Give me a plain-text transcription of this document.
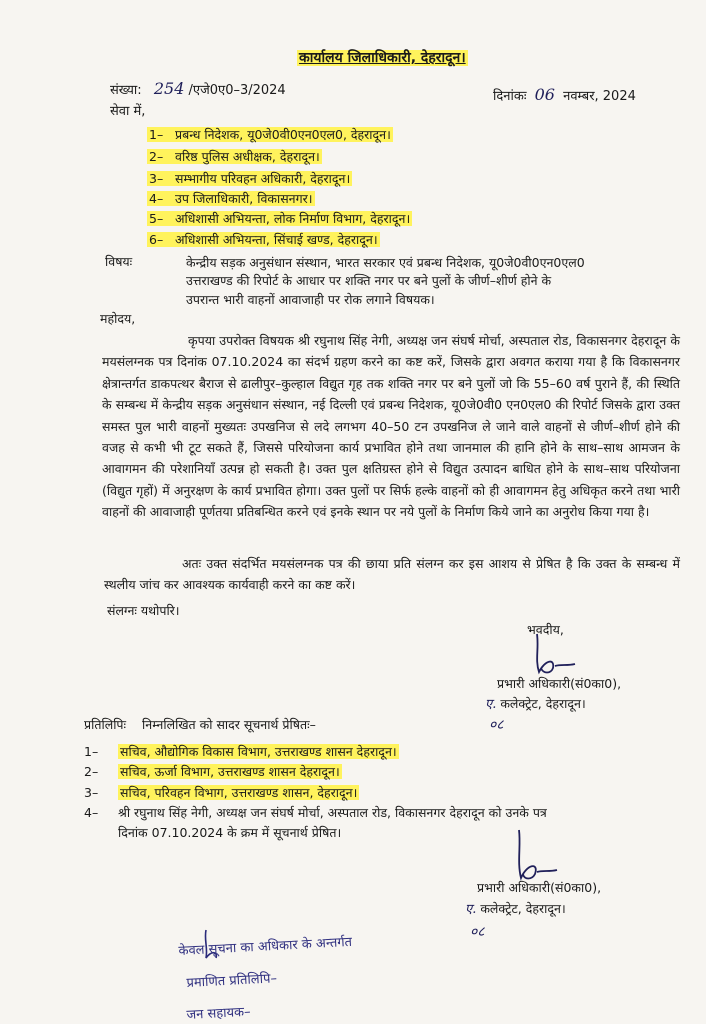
कार्यालय जिलाधिकारी, देहरादून।
संख्या: 254 /एजे0ए0–3/2024	दिनांकः 06 नवम्बर, 2024
सेवा में,
1– प्रबन्ध निदेशक, यू0जे0वी0एन0एल0, देहरादून।
2– वरिष्ठ पुलिस अधीक्षक, देहरादून।
3– सम्भागीय परिवहन अधिकारी, देहरादून।
4– उप जिलाधिकारी, विकासनगर।
5– अधिशासी अभियन्ता, लोक निर्माण विभाग, देहरादून।
6– अधिशासी अभियन्ता, सिंचाई खण्ड, देहरादून।
विषयः	केन्द्रीय सड़क अनुसंधान संस्थान, भारत सरकार एवं प्रबन्ध निदेशक, यू0जे0वी0एन0एल0
उत्तराखण्ड की रिपोर्ट के आधार पर शक्ति नगर पर बने पुलों के जीर्ण–शीर्ण होने के
उपरान्त भारी वाहनों आवाजाही पर रोक लगाने विषयक।
महोदय,
कृपया उपरोक्त विषयक श्री रघुनाथ सिंह नेगी, अध्यक्ष जन संघर्ष मोर्चा, अस्पताल रोड, विकासनगर देहरादून के मयसंलग्नक पत्र दिनांक 07.10.2024 का संदर्भ ग्रहण करने का कष्ट करें, जिसके द्वारा अवगत कराया गया है कि विकासनगर क्षेत्रान्तर्गत डाकपत्थर बैराज से ढालीपुर–कुल्हाल विद्युत गृह तक शक्ति नगर पर बने पुलों जो कि 55–60 वर्ष पुराने हैं, की स्थिति के सम्बन्ध में केन्द्रीय सड़क अनुसंधान संस्थान, नई दिल्ली एवं प्रबन्ध निदेशक, यू0जे0वी0 एन0एल0 की रिपोर्ट जिसके द्वारा उक्त समस्त पुल भारी वाहनों मुख्यतः उपखनिज से लदे लगभग 40–50 टन उपखनिज ले जाने वाले वाहनों से जीर्ण–शीर्ण होने की वजह से कभी भी टूट सकते हैं, जिससे परियोजना कार्य प्रभावित होने तथा जानमाल की हानि होने के साथ–साथ आमजन के आवागमन की परेशानियाँ उत्पन्न हो सकती है। उक्त पुल क्षतिग्रस्त होने से विद्युत उत्पादन बाधित होने के साथ–साथ परियोजना (विद्युत गृहों) में अनुरक्षण के कार्य प्रभावित होगा। उक्त पुलों पर सिर्फ हल्के वाहनों को ही आवागमन हेतु अधिकृत करने तथा भारी वाहनों की आवाजाही पूर्णतया प्रतिबन्धित करने एवं इनके स्थान पर नये पुलों के निर्माण किये जाने का अनुरोध किया गया है।
अतः उक्त संदर्भित मयसंलग्नक पत्र की छाया प्रति संलग्न कर इस आशय से प्रेषित है कि उक्त के सम्बन्ध में स्थलीय जांच कर आवश्यक कार्यवाही करने का कष्ट करें।
संलग्नः यथोपरि।
भवदीय,
प्रभारी अधिकारी(सं0का0),
ए. कलेक्ट्रेट, देहरादून।
०८
प्रतिलिपिः निम्नलिखित को सादर सूचनार्थ प्रेषितः–
1– सचिव, औद्योगिक विकास विभाग, उत्तराखण्ड शासन देहरादून।
2– सचिव, ऊर्जा विभाग, उत्तराखण्ड शासन देहरादून।
3– सचिव, परिवहन विभाग, उत्तराखण्ड शासन, देहरादून।
4– श्री रघुनाथ सिंह नेगी, अध्यक्ष जन संघर्ष मोर्चा, अस्पताल रोड, विकासनगर देहरादून को उनके पत्र
दिनांक 07.10.2024 के क्रम में सूचनार्थ प्रेषित।
प्रभारी अधिकारी(सं0का0),
ए. कलेक्ट्रेट, देहरादून।
०८
केवल सूचना का अधिकार के अन्तर्गत
प्रमाणित प्रतिलिपि–
जन सहायक–
